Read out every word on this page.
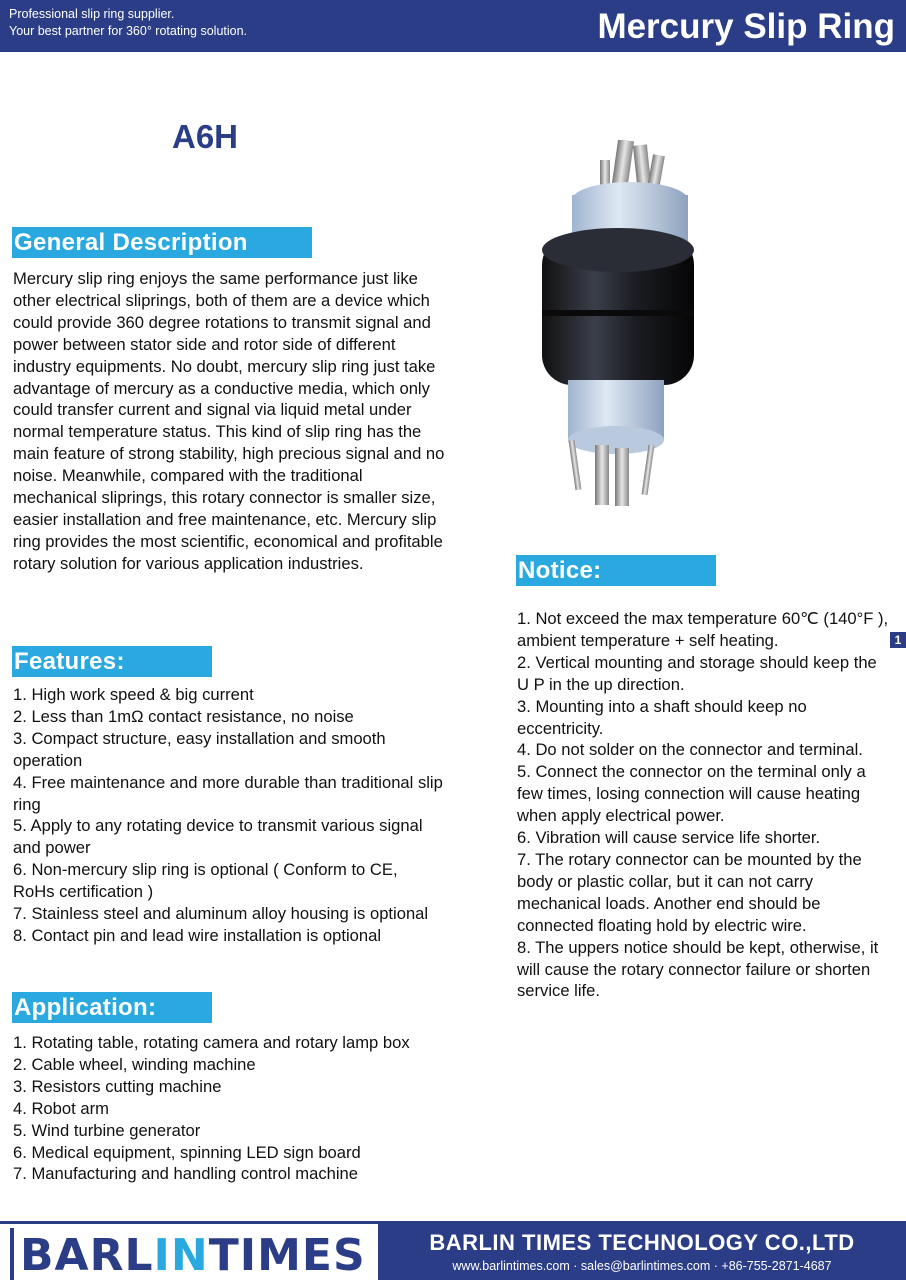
Professional slip ring supplier.
Your best partner for 360° rotating solution.	Mercury Slip Ring
A6H
General Description

Mercury slip ring enjoys the same performance just like other electrical sliprings, both of them are a device which could provide 360 degree rotations to transmit signal and power between stator side and rotor side of different industry equipments. No doubt, mercury slip ring just take advantage of mercury as a conductive media, which only could transfer current and signal via liquid metal under normal temperature status. This kind of slip ring has the main feature of strong stability, high precious signal and no noise. Meanwhile, compared with the traditional mechanical sliprings, this rotary connector is smaller size, easier installation and free maintenance, etc. Mercury slip ring provides the most scientific, economical and profitable rotary solution for various application industries.

Features:
1. High work speed & big current
2. Less than 1mΩ contact resistance, no noise
3. Compact structure, easy installation and smooth operation
4. Free maintenance and more durable than traditional slip ring
5. Apply to any rotating device to transmit various signal and power
6. Non-mercury slip ring is optional ( Conform to CE, RoHs certification )
7. Stainless steel and aluminum alloy housing is optional
8. Contact pin and lead wire installation is optional
Application:
1. Rotating table, rotating camera and rotary lamp box
2. Cable wheel, winding machine
3. Resistors cutting machine
4. Robot arm
5. Wind turbine generator
6. Medical equipment, spinning LED sign board
7. Manufacturing and handling control machine
Notice:
1. Not exceed the max temperature 60℃ (140°F ), ambient temperature + self heating.
2. Vertical mounting and storage should keep the U P in the up direction.
3. Mounting into a shaft should keep no eccentricity.
4. Do not solder on the connector and terminal.
5. Connect the connector on the terminal only a few times, losing connection will cause heating when apply electrical power.
6. Vibration will cause service life shorter.
7. The rotary connector can be mounted by the body or plastic collar, but it can not carry mechanical loads. Another end should be connected floating hold by electric wire.
8. The uppers notice should be kept, otherwise, it will cause the rotary connector failure or shorten service life.
1
BARLINTIMES	BARLIN TIMES TECHNOLOGY CO.,LTD
www.barlintimes.com · sales@barlintimes.com · +86-755-2871-4687
